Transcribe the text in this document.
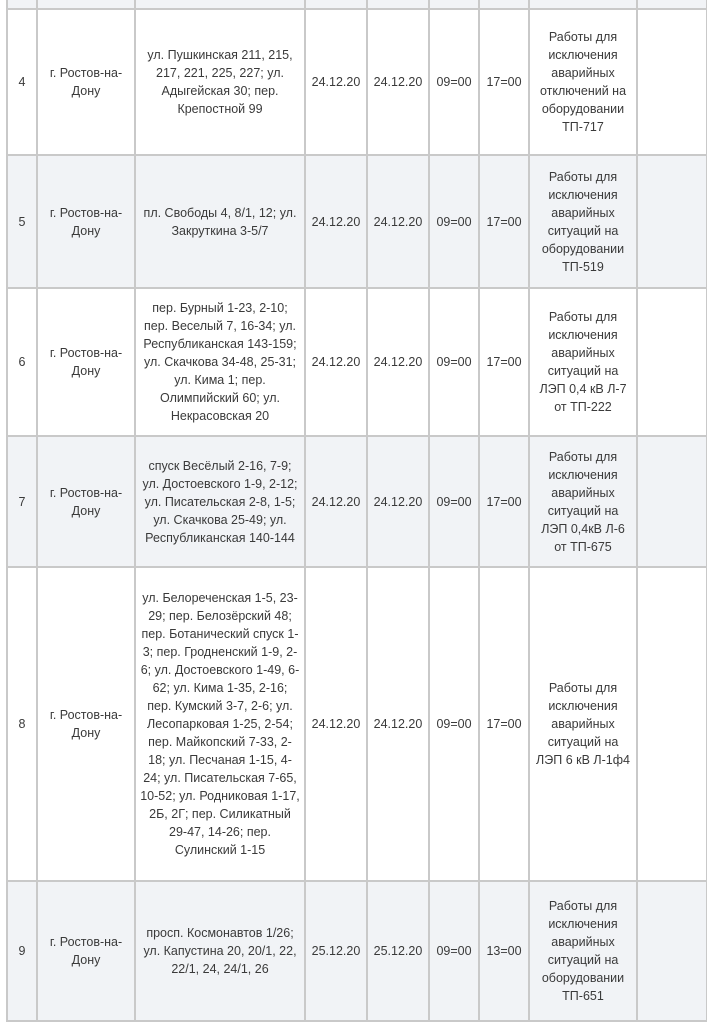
4	г. Ростов-на-Дону	ул. Пушкинская 211, 215, 217, 221, 225, 227; ул. Адыгейская 30; пер. Крепостной 99	24.12.20	24.12.20	09=00	17=00	Работы для исключения аварийных отключений на оборудовании ТП-717	
5	г. Ростов-на-Дону	пл. Свободы 4, 8/1, 12; ул. Закруткина 3-5/7	24.12.20	24.12.20	09=00	17=00	Работы для исключения аварийных ситуаций на оборудовании ТП-519	
6	г. Ростов-на-Дону	пер. Бурный 1-23, 2-10; пер. Веселый 7, 16-34; ул. Республиканская 143-159; ул. Скачкова 34-48, 25-31; ул. Кима 1; пер. Олимпийский 60; ул. Некрасовская 20	24.12.20	24.12.20	09=00	17=00	Работы для исключения аварийных ситуаций на ЛЭП 0,4 кВ Л-7 от ТП-222	
7	г. Ростов-на-Дону	спуск Весёлый 2-16, 7-9; ул. Достоевского 1-9, 2-12; ул. Писательская 2-8, 1-5; ул. Скачкова 25-49; ул. Республиканская 140-144	24.12.20	24.12.20	09=00	17=00	Работы для исключения аварийных ситуаций на ЛЭП 0,4кВ Л-6 от ТП-675	
8	г. Ростов-на-Дону	ул. Белореченская 1-5, 23-29; пер. Белозёрский 48; пер. Ботанический спуск 1-3; пер. Гродненский 1-9, 2-6; ул. Достоевского 1-49, 6-62; ул. Кима 1-35, 2-16; пер. Кумский 3-7, 2-6; ул. Лесопарковая 1-25, 2-54; пер. Майкопский 7-33, 2-18; ул. Песчаная 1-15, 4-24; ул. Писательская 7-65, 10-52; ул. Родниковая 1-17, 2Б, 2Г; пер. Силикатный 29-47, 14-26; пер. Сулинский 1-15	24.12.20	24.12.20	09=00	17=00	Работы для исключения аварийных ситуаций на ЛЭП 6 кВ Л-1ф4	
9	г. Ростов-на-Дону	просп. Космонавтов 1/26; ул. Капустина 20, 20/1, 22, 22/1, 24, 24/1, 26	25.12.20	25.12.20	09=00	13=00	Работы для исключения аварийных ситуаций на оборудовании ТП-651	
